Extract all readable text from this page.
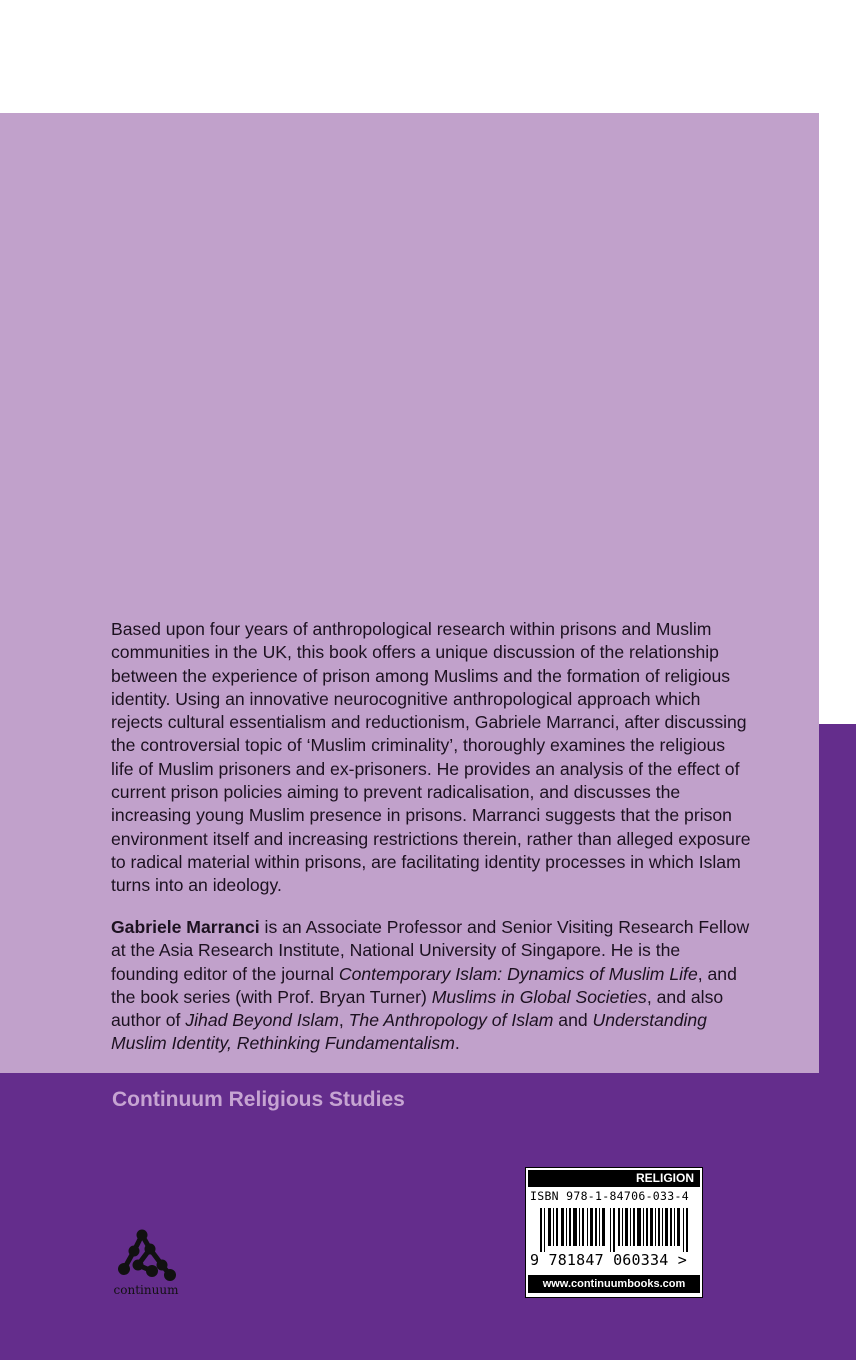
Based upon four years of anthropological research within prisons and Muslim communities in the UK, this book offers a unique discussion of the relationship between the experience of prison among Muslims and the formation of religious identity. Using an innovative neurocognitive anthropological approach which rejects cultural essentialism and reductionism, Gabriele Marranci, after discussing the controversial topic of ‘Muslim criminality’, thoroughly examines the religious life of Muslim prisoners and ex-prisoners. He provides an analysis of the effect of current prison policies aiming to prevent radicalisation, and discusses the increasing young Muslim presence in prisons. Marranci suggests that the prison environment itself and increasing restrictions therein, rather than alleged exposure to radical material within prisons, are facilitating identity processes in which Islam turns into an ideology.

Gabriele Marranci is an Associate Professor and Senior Visiting Research Fellow at the Asia Research Institute, National University of Singapore. He is the founding editor of the journal Contemporary Islam: Dynamics of Muslim Life, and the book series (with Prof. Bryan Turner) Muslims in Global Societies, and also author of Jihad Beyond Islam, The Anthropology of Islam and Understanding Muslim Identity, Rethinking Fundamentalism.

Continuum Religious Studies
continuum
RELIGION
ISBN 978-1-84706-033-4
9 781847 060334 >
www.continuumbooks.com
